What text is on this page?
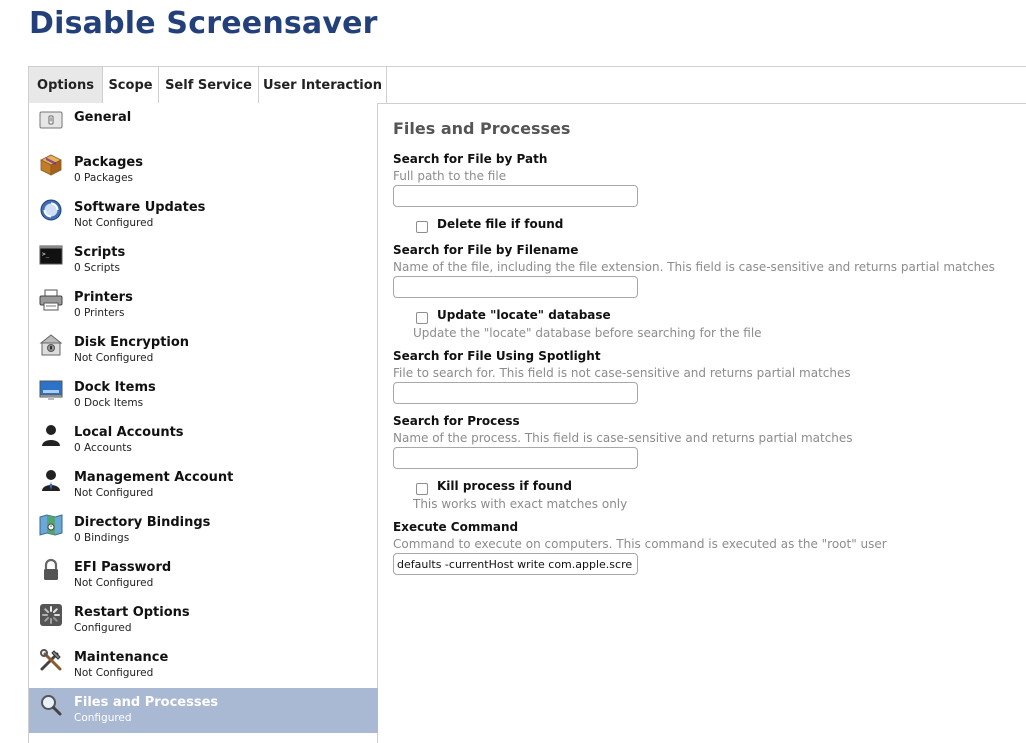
Disable Screensaver
Options	Scope Self Service User Interaction
General
Packages
0 Packages
Software Updates
Not Configured
>_ Scripts
0 Scripts
Printers
0 Printers
Disk Encryption
Not Configured
Dock Items
0 Dock Items
Local Accounts
0 Accounts
Management Account
Not Configured
Directory Bindings
0 Bindings
EFI Password
Not Configured
Restart Options
Configured
Maintenance
Not Configured
Files and Processes
Configured
Files and Processes
Search for File by Path
Full path to the file
Delete file if found
Search for File by Filename
Name of the file, including the file extension. This field is case-sensitive and returns partial matches
Update "locate" database
Update the "locate" database before searching for the file
Search for File Using Spotlight
File to search for. This field is not case-sensitive and returns partial matches
Search for Process
Name of the process. This field is case-sensitive and returns partial matches
Kill process if found
This works with exact matches only
Execute Command
Command to execute on computers. This command is executed as the "root" user
defaults -currentHost write com.apple.scre
